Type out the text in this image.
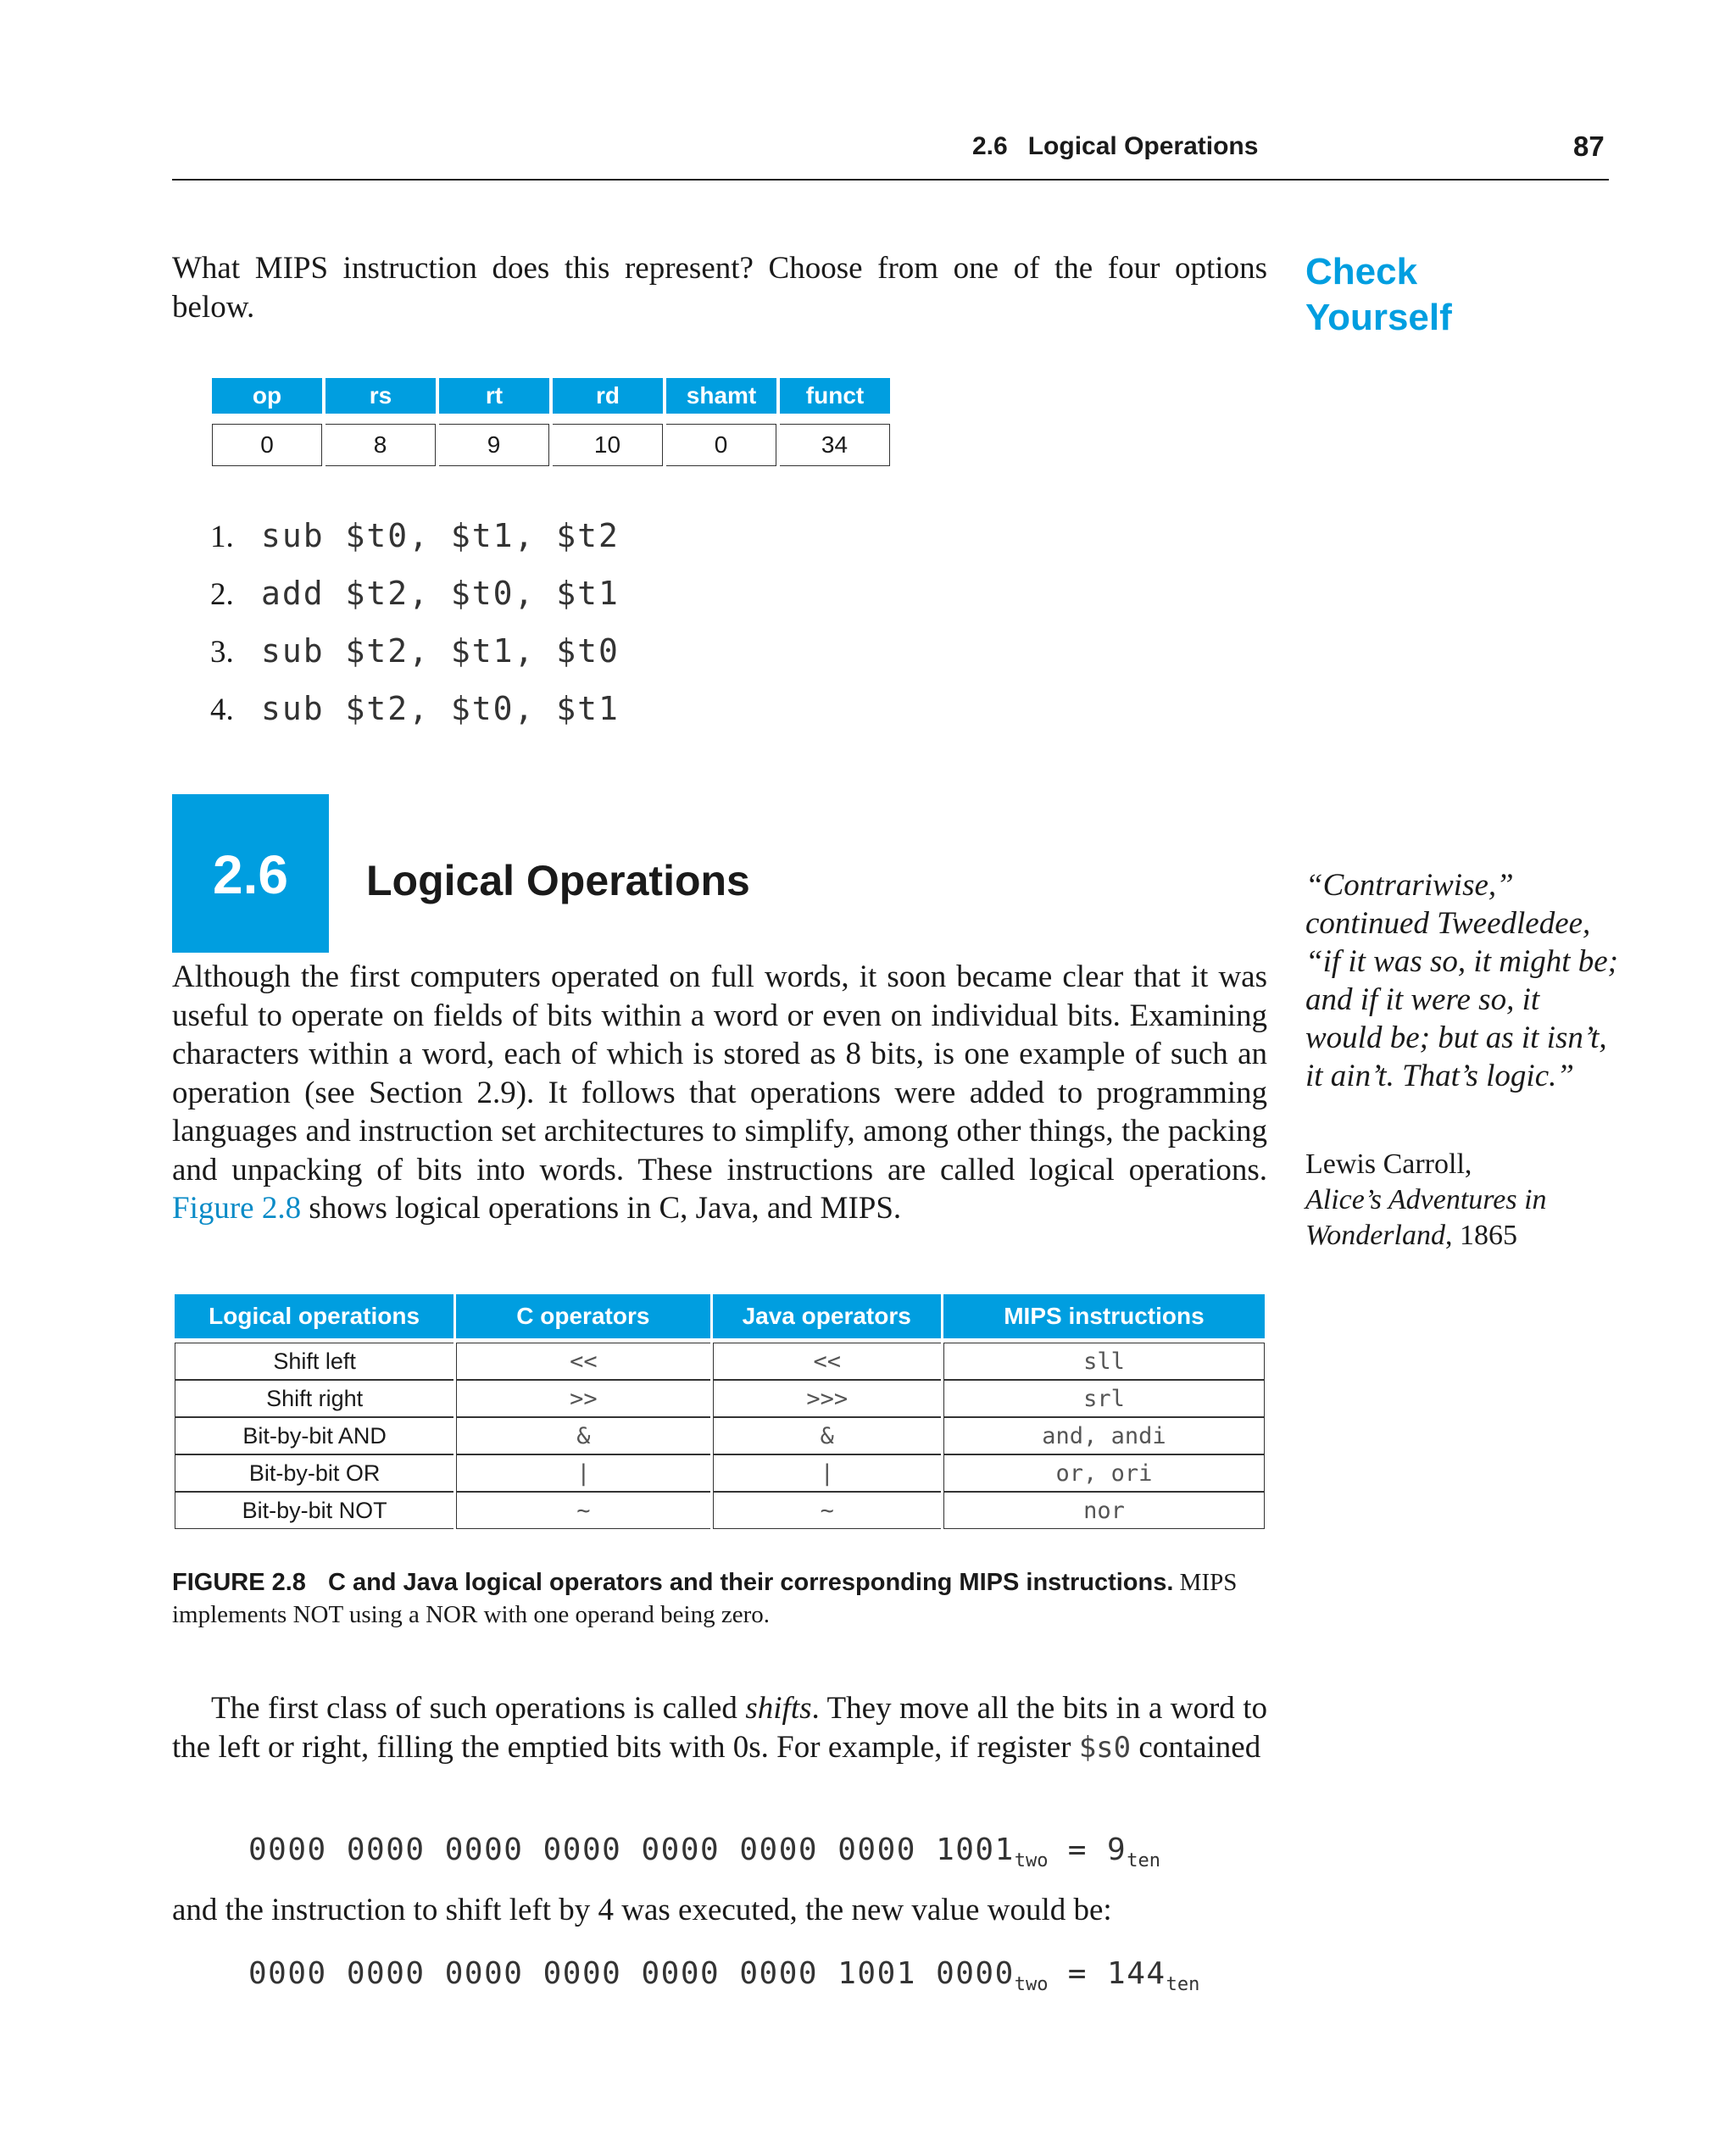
2.6 Logical Operations	87
Check
Yourself
What MIPS instruction does this represent? Choose from one of the four options below.
op	rs	rt	rd	shamt	funct

0	8	9	10	0	34
1. sub $t0, $t1, $t2
2. add $t2, $t0, $t1
3. sub $t2, $t1, $t0
4. sub $t2, $t0, $t1
2.6	Logical Operations	“Contrariwise,” continued Tweedledee, “if it was so, it might be; and if it were so, it would be; but as it isn’t, it ain’t. That’s logic.”
Lewis Carroll,
Alice’s Adventures in Wonderland, 1865
Although the first computers operated on full words, it soon became clear that it was useful to operate on fields of bits within a word or even on individual bits. Examining characters within a word, each of which is stored as 8 bits, is one example of such an operation (see Section 2.9). It follows that operations were added to programming languages and instruction set architectures to simplify, among other things, the packing and unpacking of bits into words. These instructions are called logical operations. Figure 2.8 shows logical operations in C, Java, and MIPS.
Logical operations	C operators	Java operators	MIPS instructions

Shift left	<<	<<	sll
Shift right	>>	>>>	srl
Bit-by-bit AND	&	&	and, andi
Bit-by-bit OR	|	|	or, ori
Bit-by-bit NOT	~	~	nor
FIGURE 2.8 C and Java logical operators and their corresponding MIPS instructions. MIPS implements NOT using a NOR with one operand being zero.
The first class of such operations is called shifts. They move all the bits in a word to the left or right, filling the emptied bits with 0s. For example, if register $s0 contained
0000 0000 0000 0000 0000 0000 0000 $1001_{two} = 9_{ten}$
and the instruction to shift left by 4 was executed, the new value would be:
0000 0000 0000 0000 0000 0000 1001 $0000_{two} = 144_{ten}$
